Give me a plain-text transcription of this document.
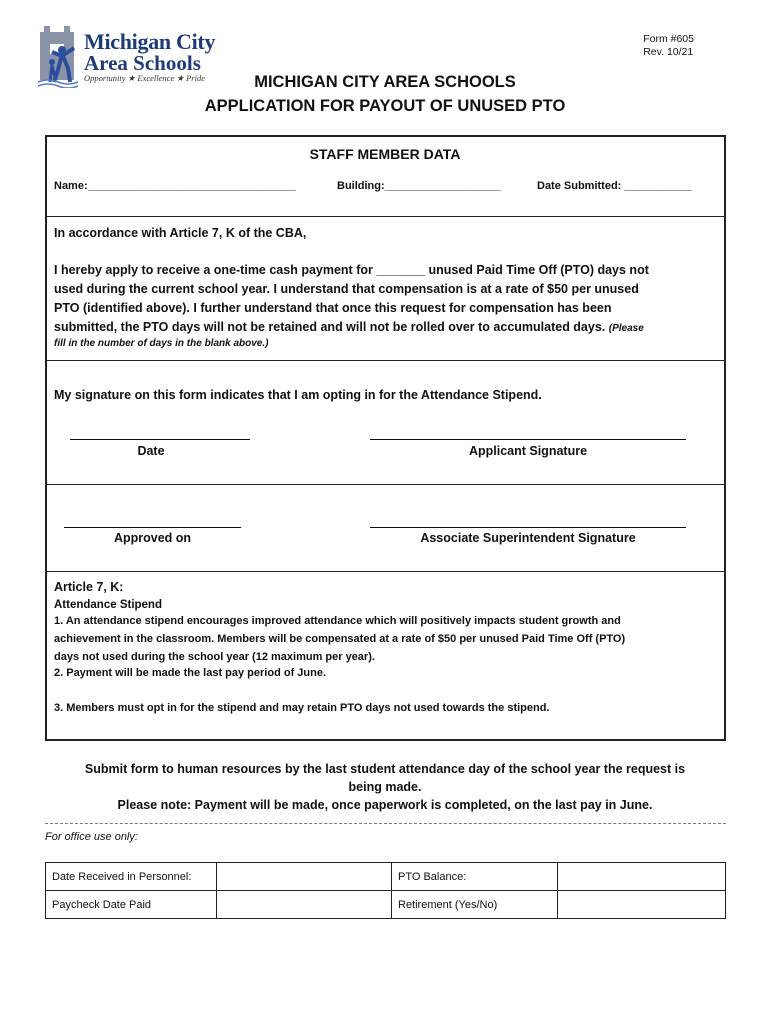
Michigan City
Area Schools
Opportunity ★ Excellence ★ Pride
Form #605
Rev. 10/21
MICHIGAN CITY AREA SCHOOLS
APPLICATION FOR PAYOUT OF UNUSED PTO
STAFF MEMBER DATA
Name:__________________________________	Building:___________________	Date Submitted: ___________
In accordance with Article 7, K of the CBA,
I hereby apply to receive a one-time cash payment for _______ unused Paid Time Off (PTO) days not
used during the current school year. I understand that compensation is at a rate of $50 per unused
PTO (identified above). I further understand that once this request for compensation has been
submitted, the PTO days will not be retained and will not be rolled over to accumulated days. (Please
fill in the number of days in the blank above.)
My signature on this form indicates that I am opting in for the Attendance Stipend.
Date	Applicant Signature
Approved on	Associate Superintendent Signature
Article 7, K:
Attendance Stipend
1. An attendance stipend encourages improved attendance which will positively impacts student growth and
achievement in the classroom. Members will be compensated at a rate of $50 per unused Paid Time Off (PTO)
days not used during the school year (12 maximum per year).
2. Payment will be made the last pay period of June.
3. Members must opt in for the stipend and may retain PTO days not used towards the stipend.
Submit form to human resources by the last student attendance day of the school year the request is
being made.
Please note: Payment will be made, once paperwork is completed, on the last pay in June.
For office use only:
Date Received in Personnel:		PTO Balance:	
Paycheck Date Paid		Retirement (Yes/No)	
